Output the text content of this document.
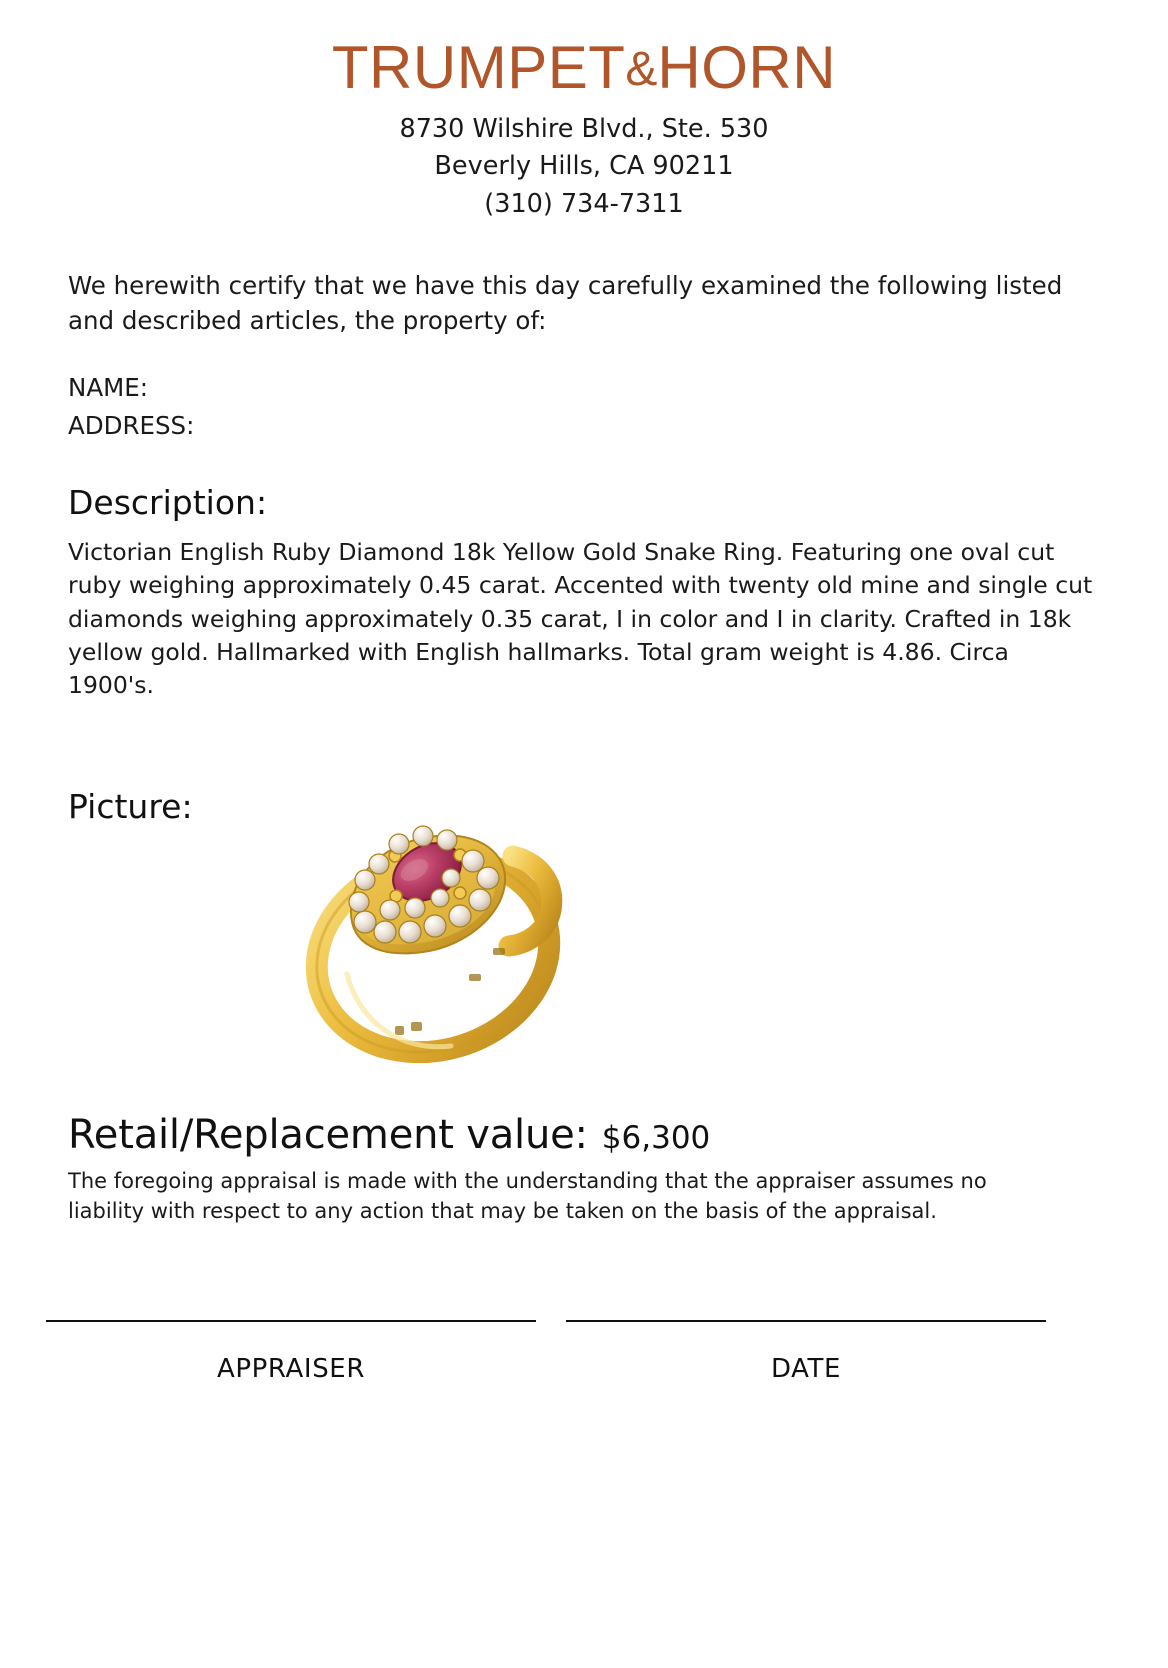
TRUMPET&HORN
8730 Wilshire Blvd., Ste. 530
Beverly Hills, CA 90211
(310) 734-7311
We herewith certify that we have this day carefully examined the following listed and described articles, the property of:
NAME:
ADDRESS:
Description:
Victorian English Ruby Diamond 18k Yellow Gold Snake Ring. Featuring one oval cut ruby weighing approximately 0.45 carat. Accented with twenty old mine and single cut diamonds weighing approximately 0.35 carat, I in color and I in clarity. Crafted in 18k yellow gold. Hallmarked with English hallmarks. Total gram weight is 4.86. Circa 1900's.
Picture:
Retail/Replacement value: $6,300
The foregoing appraisal is made with the understanding that the appraiser assumes no liability with respect to any action that may be taken on the basis of the appraisal.
APPRAISER	DATE
